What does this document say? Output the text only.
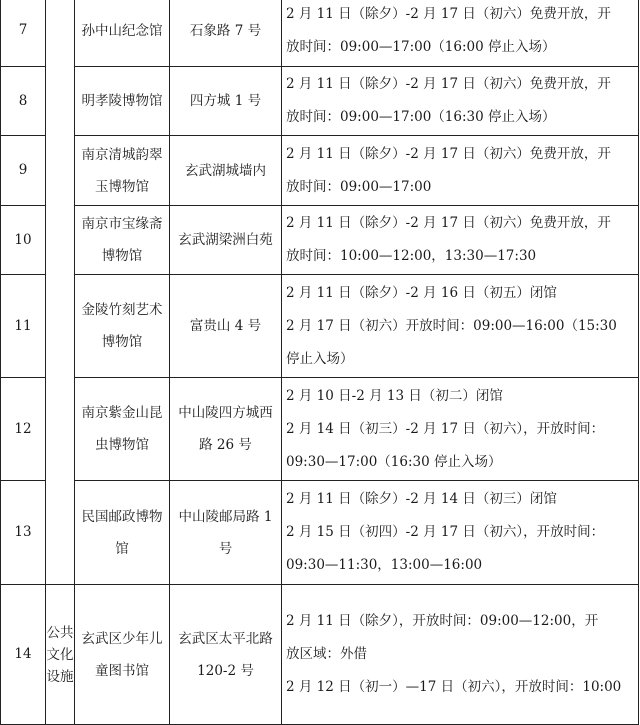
7		孙中山纪念馆	石象路 7 号	2 月 11 日（除夕）-2 月 17 日（初六）免费开放，开
放时间：09:00—17:00（16:00 停止入场）

8		明孝陵博物馆	四方城 1 号	2 月 11 日（除夕）-2 月 17 日（初六）免费开放，开
放时间：09:00—17:00（16:30 停止入场）

9		南京清城韵翠
玉博物馆	玄武湖城墙内	2 月 11 日（除夕）-2 月 17 日（初六）免费开放，开
放时间：09:00—17:00

10		南京市宝缘斋
博物馆	玄武湖梁洲白苑	2 月 11 日（除夕）-2 月 17 日（初六）免费开放，开
放时间：10:00—12:00，13:30—17:30

11		金陵竹刻艺术
博物馆	富贵山 4 号	2 月 11 日（除夕）-2 月 16 日（初五）闭馆
2 月 17 日（初六）开放时间：09:00—16:00（15:30
停止入场）

12		南京紫金山昆
虫博物馆	中山陵四方城西
路 26 号	2 月 10 日-2 月 13 日（初二）闭馆
2 月 14 日（初三）-2 月 17 日（初六），开放时间：
09:30—17:00（16:30 停止入场）

13		民国邮政博物
馆	中山陵邮局路 1
号	2 月 11 日（除夕）-2 月 14 日（初三）闭馆
2 月 15 日（初四）-2 月 17 日（初六），开放时间：
09:30—11:30，13:00—16:00

14	公共
文化
设施	玄武区少年儿
童图书馆	玄武区太平北路
120-2 号	2 月 11 日（除夕），开放时间：09:00—12:00，开
放区域：外借
2 月 12 日（初一）—17 日（初六），开放时间：10:00
